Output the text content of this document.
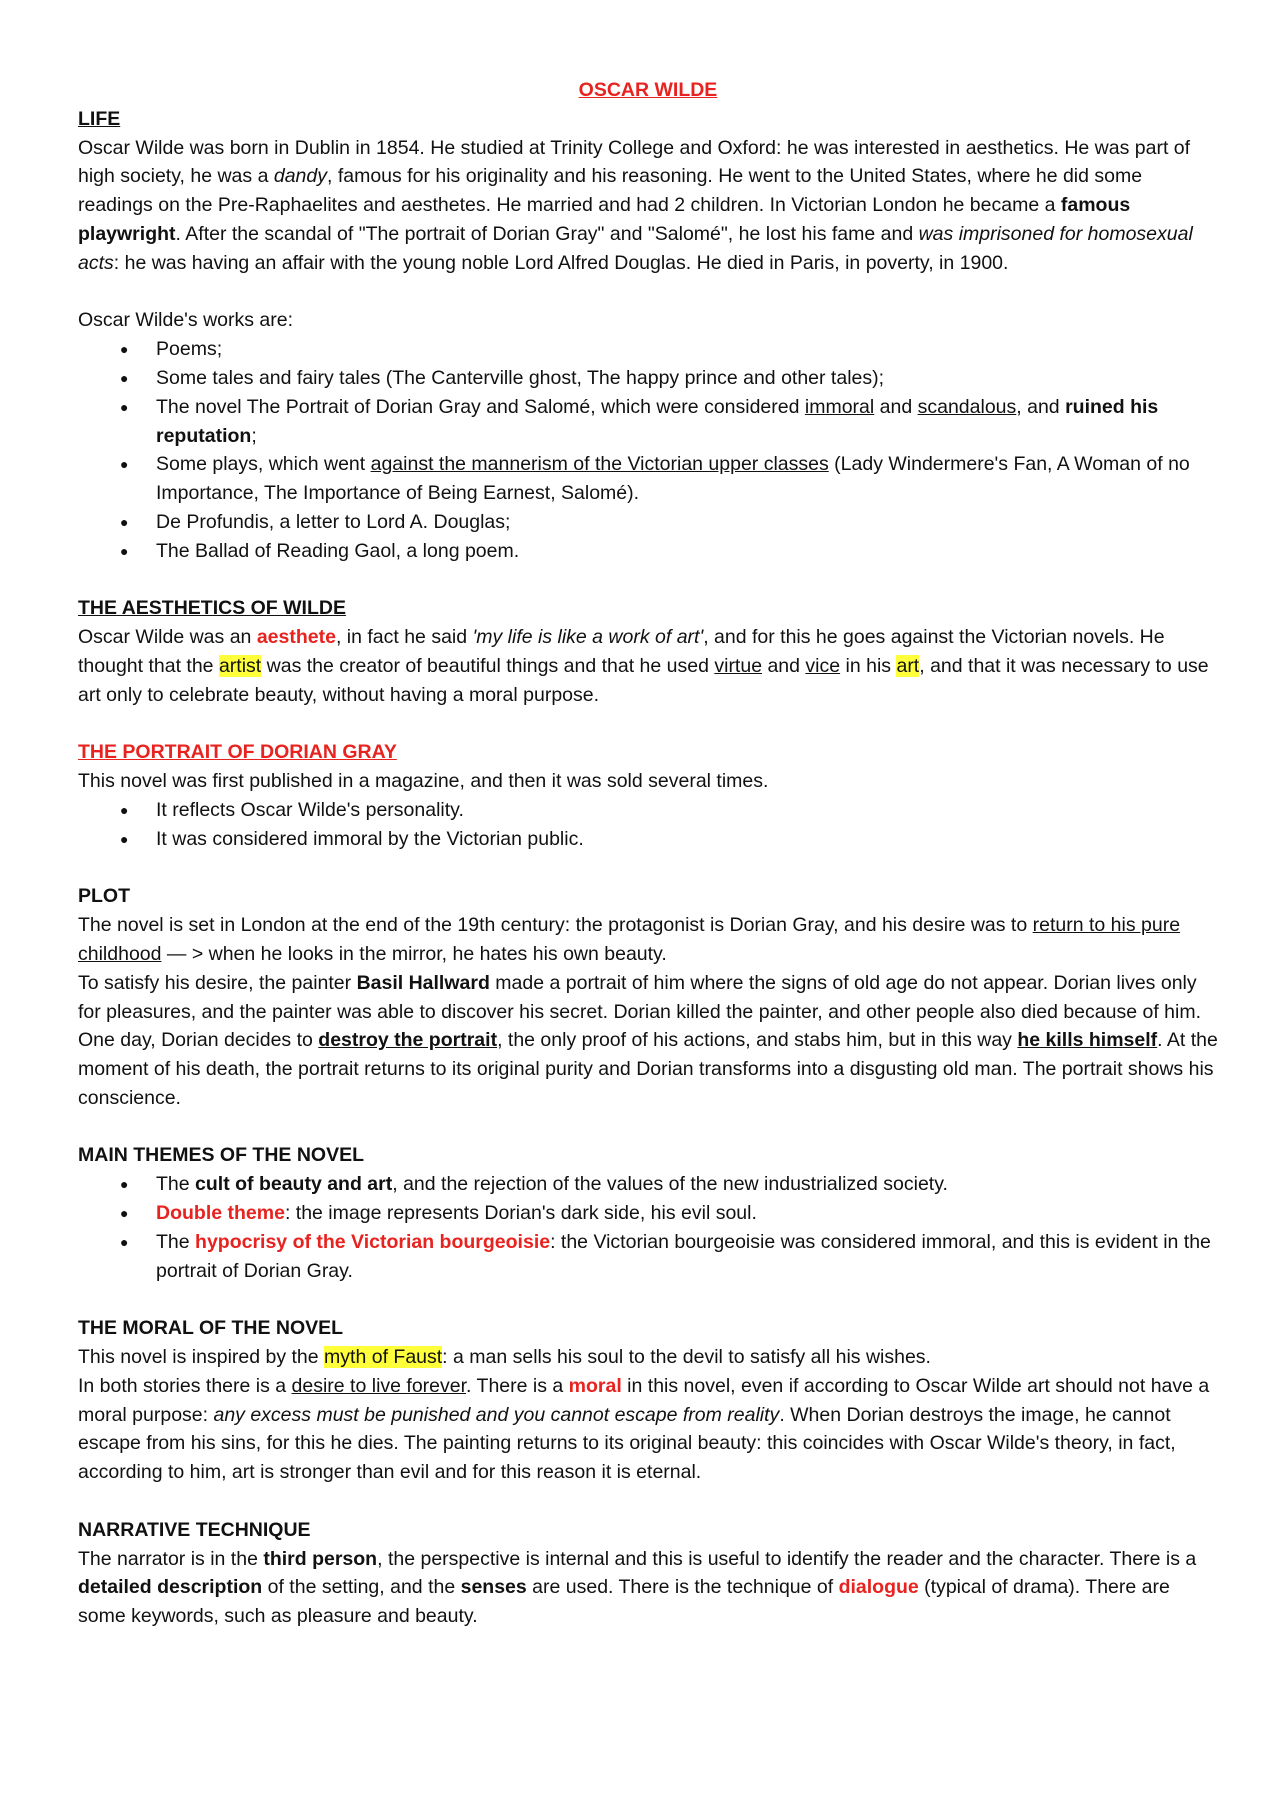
OSCAR WILDE

LIFE

Oscar Wilde was born in Dublin in 1854. He studied at Trinity College and Oxford: he was interested in aesthetics. He was part of high society, he was a dandy, famous for his originality and his reasoning. He went to the United States, where he did some readings on the Pre-Raphaelites and aesthetes. He married and had 2 children. In Victorian London he became a famous playwright. After the scandal of "The portrait of Dorian Gray" and "Salomé", he lost his fame and was imprisoned for homosexual acts: he was having an affair with the young noble Lord Alfred Douglas. He died in Paris, in poverty, in 1900.

Oscar Wilde's works are:

● Poems;
● Some tales and fairy tales (The Canterville ghost, The happy prince and other tales);
● The novel The Portrait of Dorian Gray and Salomé, which were considered immoral and scandalous, and ruined his reputation;
● Some plays, which went against the mannerism of the Victorian upper classes (Lady Windermere's Fan, A Woman of no Importance, The Importance of Being Earnest, Salomé).
● De Profundis, a letter to Lord A. Douglas;
● The Ballad of Reading Gaol, a long poem.

THE AESTHETICS OF WILDE

Oscar Wilde was an aesthete, in fact he said 'my life is like a work of art', and for this he goes against the Victorian novels. He thought that the artist was the creator of beautiful things and that he used virtue and vice in his art, and that it was necessary to use art only to celebrate beauty, without having a moral purpose.

THE PORTRAIT OF DORIAN GRAY

This novel was first published in a magazine, and then it was sold several times.

● It reflects Oscar Wilde's personality.
● It was considered immoral by the Victorian public.

PLOT

The novel is set in London at the end of the 19th century: the protagonist is Dorian Gray, and his desire was to return to his pure childhood — > when he looks in the mirror, he hates his own beauty.

To satisfy his desire, the painter Basil Hallward made a portrait of him where the signs of old age do not appear. Dorian lives only for pleasures, and the painter was able to discover his secret. Dorian killed the painter, and other people also died because of him. One day, Dorian decides to destroy the portrait, the only proof of his actions, and stabs him, but in this way he kills himself. At the moment of his death, the portrait returns to its original purity and Dorian transforms into a disgusting old man. The portrait shows his conscience.

MAIN THEMES OF THE NOVEL

● The cult of beauty and art, and the rejection of the values of the new industrialized society.
● Double theme: the image represents Dorian's dark side, his evil soul.
● The hypocrisy of the Victorian bourgeoisie: the Victorian bourgeoisie was considered immoral, and this is evident in the portrait of Dorian Gray.

THE MORAL OF THE NOVEL

This novel is inspired by the myth of Faust: a man sells his soul to the devil to satisfy all his wishes.

In both stories there is a desire to live forever. There is a moral in this novel, even if according to Oscar Wilde art should not have a moral purpose: any excess must be punished and you cannot escape from reality. When Dorian destroys the image, he cannot escape from his sins, for this he dies. The painting returns to its original beauty: this coincides with Oscar Wilde's theory, in fact, according to him, art is stronger than evil and for this reason it is eternal.

NARRATIVE TECHNIQUE

The narrator is in the third person, the perspective is internal and this is useful to identify the reader and the character. There is a detailed description of the setting, and the senses are used. There is the technique of dialogue (typical of drama). There are some keywords, such as pleasure and beauty.
